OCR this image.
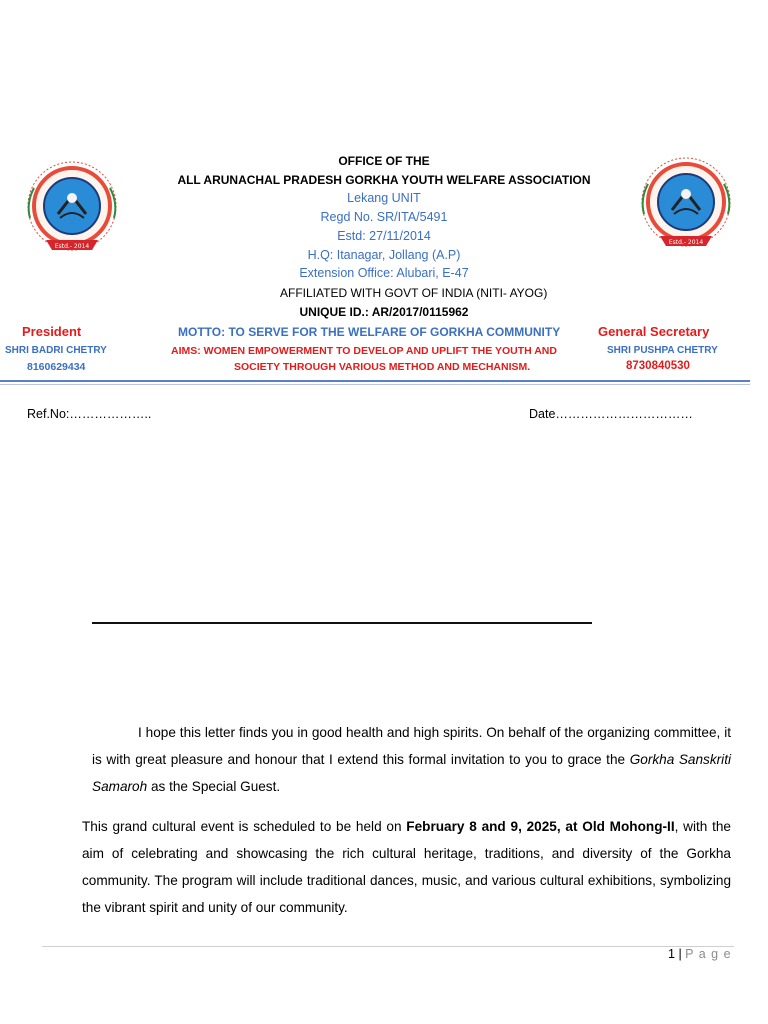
Estd.- 2014
Estd.- 2014
OFFICE OF THE
ALL ARUNACHAL PRADESH GORKHA YOUTH WELFARE ASSOCIATION
Lekang UNIT
Regd No. SR/ITA/5491
Estd: 27/11/2014
H.Q: Itanagar, Jollang (A.P)
Extension Office: Alubari, E-47
AFFILIATED WITH GOVT OF INDIA (NITI- AYOG)
UNIQUE ID.: AR/2017/0115962
President
SHRI BADRI CHETRY
8160629434
MOTTO: TO SERVE FOR THE WELFARE OF GORKHA COMMUNITY
AIMS: WOMEN EMPOWERMENT TO DEVELOP AND UPLIFT THE YOUTH AND
SOCIETY THROUGH VARIOUS METHOD AND MECHANISM.
General Secretary
SHRI PUSHPA CHETRY
8730840530
Ref.No:………………..	Date……………………………
I hope this letter finds you in good health and high spirits. On behalf of the organizing committee, it is with great pleasure and honour that I extend this formal invitation to you to grace the Gorkha Sanskriti Samaroh as the Special Guest.
This grand cultural event is scheduled to be held on February 8 and 9, 2025, at Old Mohong-II, with the aim of celebrating and showcasing the rich cultural heritage, traditions, and diversity of the Gorkha community. The program will include traditional dances, music, and various cultural exhibitions, symbolizing the vibrant spirit and unity of our community.
1 | P a g e
